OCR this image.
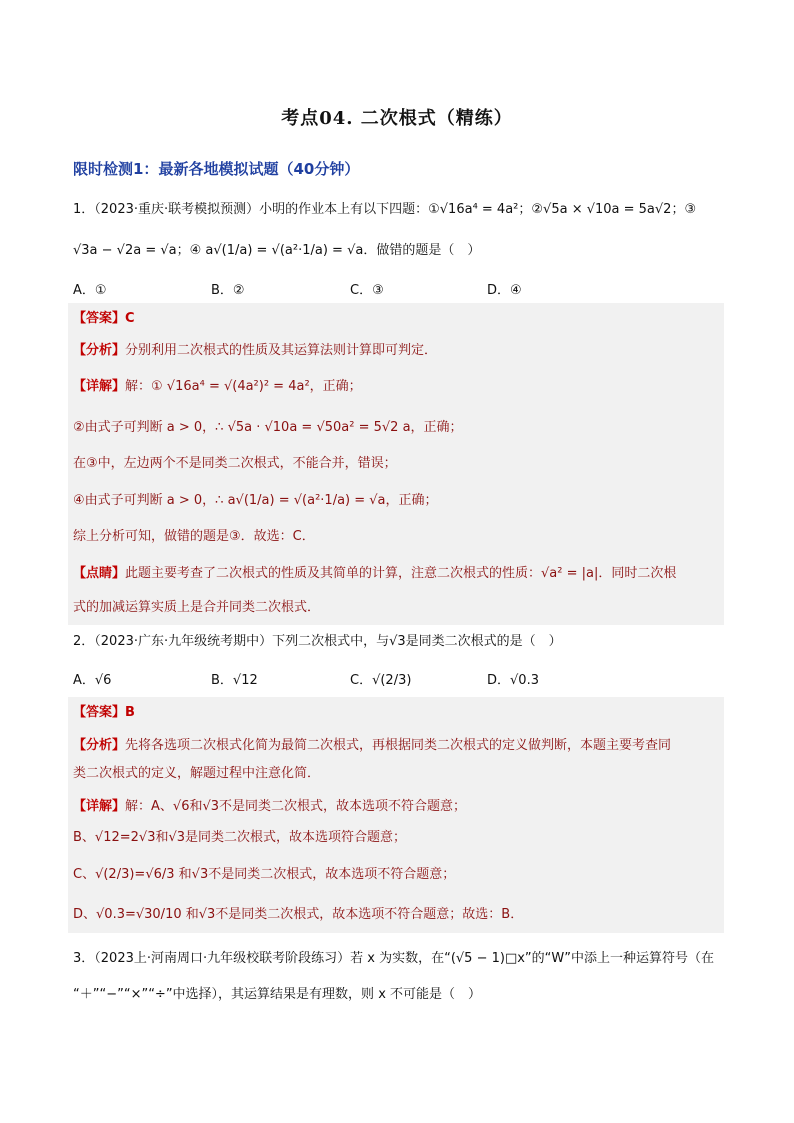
考点04. 二次根式（精练）
限时检测1：最新各地模拟试题（40分钟）
1．（2023·重庆·联考模拟预测）小明的作业本上有以下四题：①√16a⁴ = 4a²；②√5a × √10a = 5a√2；③
√3a − √2a = √a；④ a√(1/a) = √(a²·1/a) = √a．做错的题是（　）
A．①	B．②	C．③	D．④
【答案】C
【分析】分别利用二次根式的性质及其运算法则计算即可判定．
【详解】解：① √16a⁴ = √(4a²)² = 4a²，正确；
②由式子可判断 a > 0，∴ √5a · √10a = √50a² = 5√2 a，正确；
在③中，左边两个不是同类二次根式，不能合并，错误；
④由式子可判断 a > 0，∴ a√(1/a) = √(a²·1/a) = √a，正确；
综上分析可知，做错的题是③．故选：C．
【点睛】此题主要考查了二次根式的性质及其简单的计算，注意二次根式的性质：√a² = |a|．同时二次根
式的加减运算实质上是合并同类二次根式．
2．（2023·广东·九年级统考期中）下列二次根式中，与√3是同类二次根式的是（　）
A．√6	B．√12	C．√(2/3)	D．√0.3
【答案】B
【分析】先将各选项二次根式化简为最简二次根式，再根据同类二次根式的定义做判断，本题主要考查同
类二次根式的定义，解题过程中注意化简．
【详解】解：A、√6和√3不是同类二次根式，故本选项不符合题意；
B、√12=2√3和√3是同类二次根式，故本选项符合题意；
C、√(2/3)=√6/3 和√3不是同类二次根式，故本选项不符合题意；
D、√0.3=√30/10 和√3不是同类二次根式，故本选项不符合题意；故选：B．
3．（2023上·河南周口·九年级校联考阶段练习）若 x 为实数，在“(√5 − 1)□x”的“W”中添上一种运算符号（在
“＋”“−”“×”“÷”中选择），其运算结果是有理数，则 x 不可能是（　）
